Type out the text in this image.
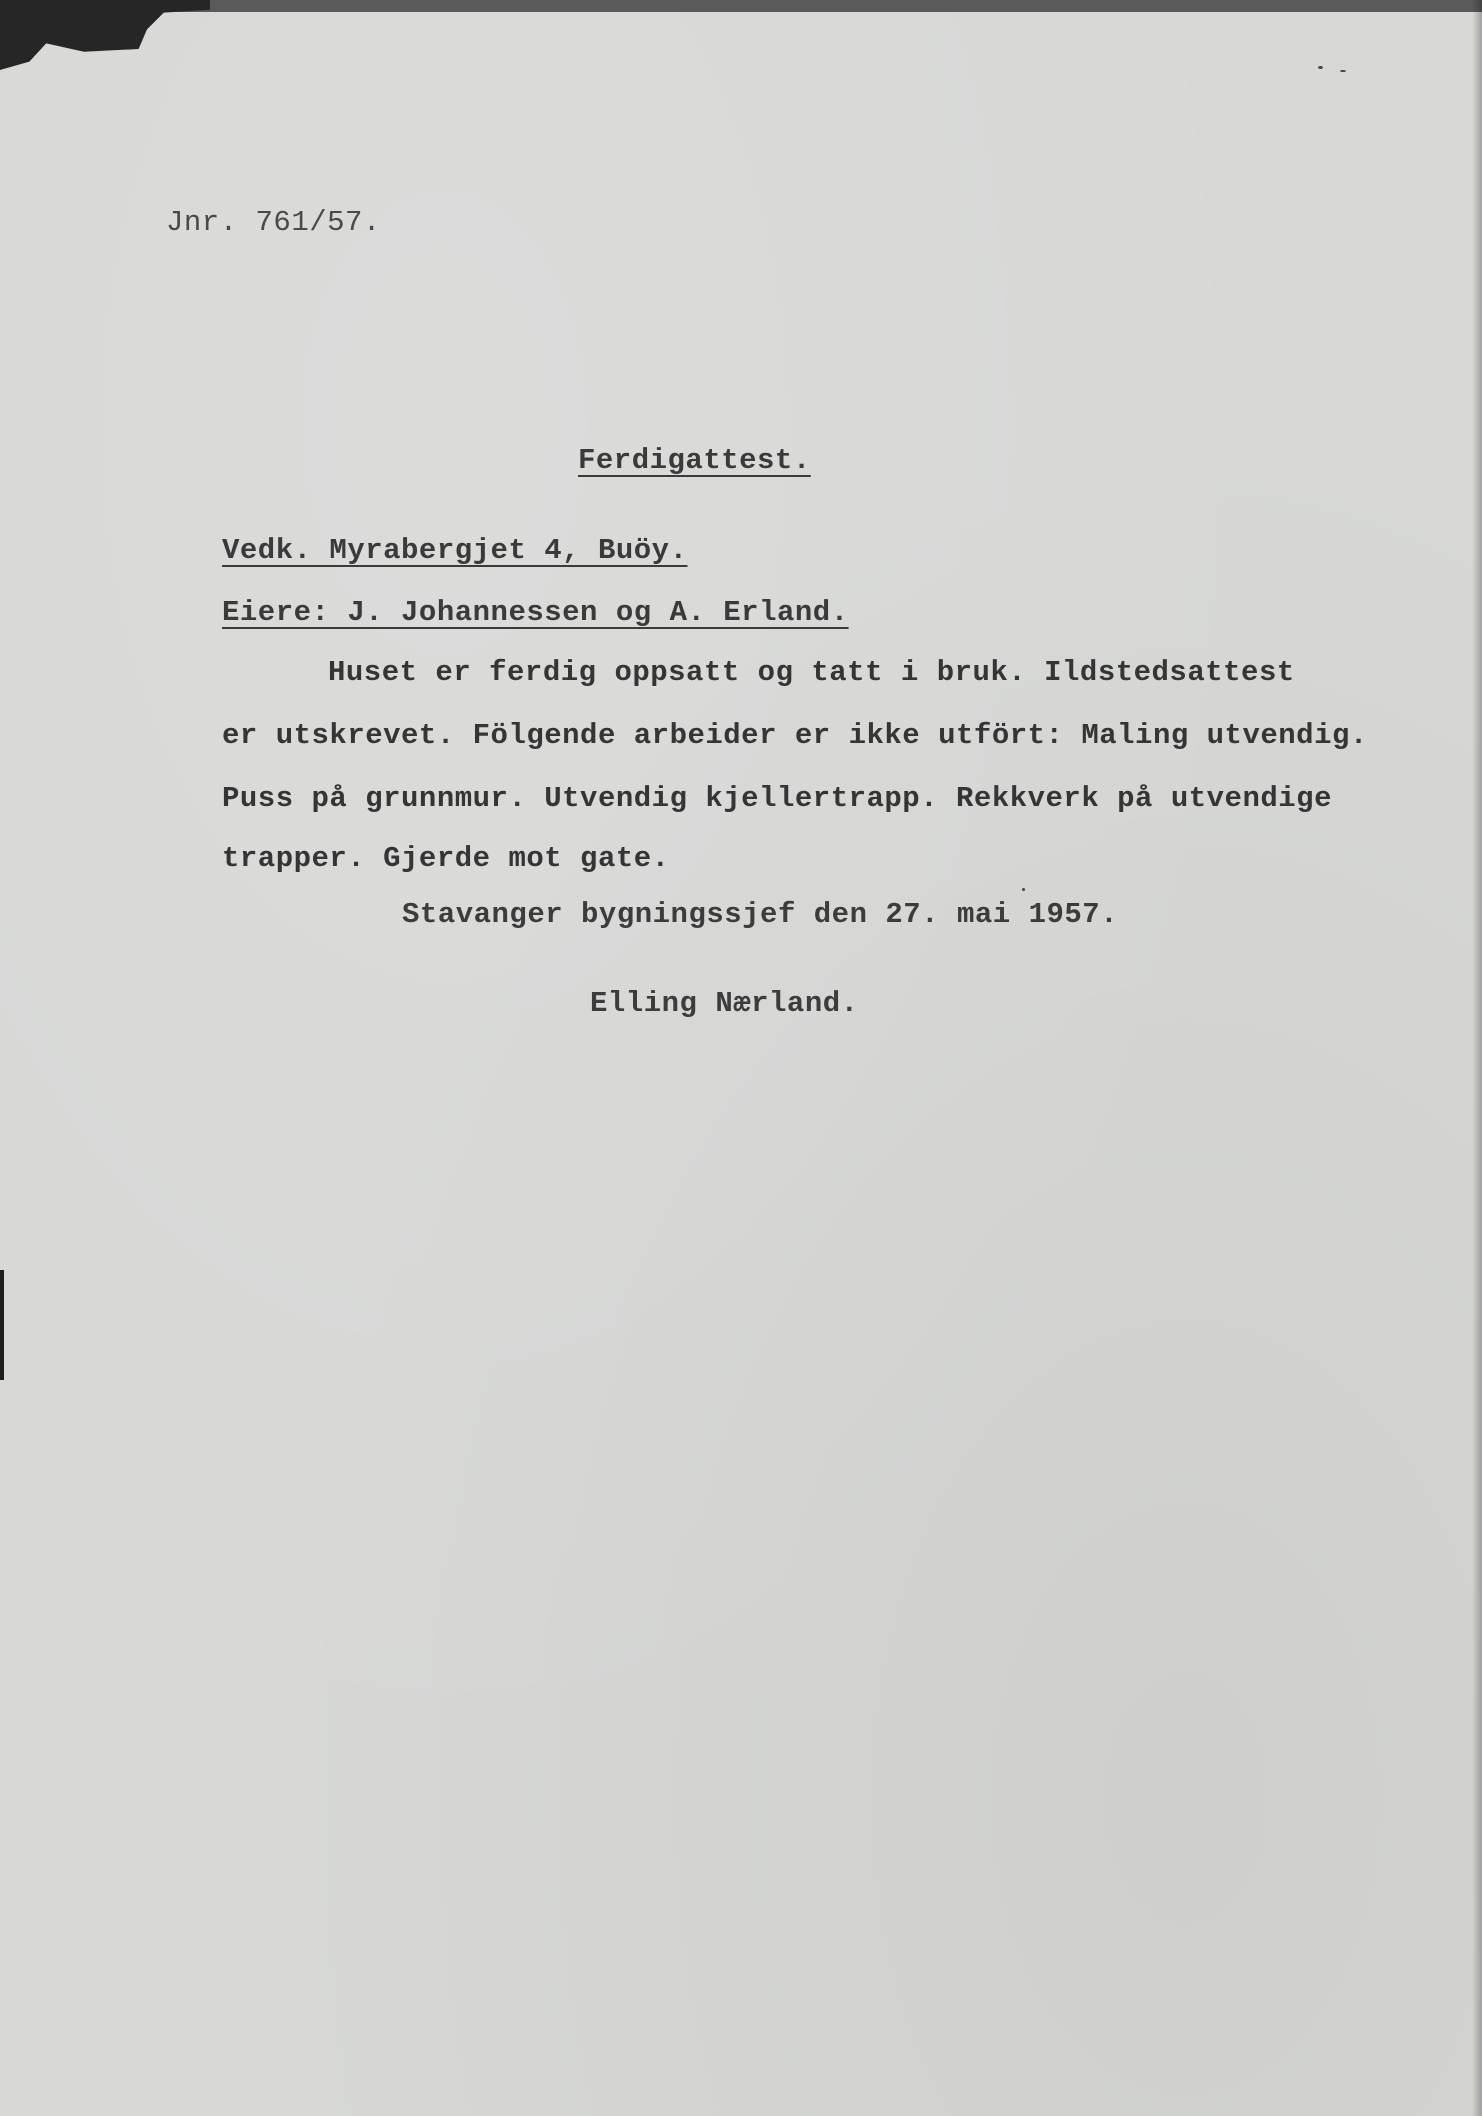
Jnr. 761/57.
Ferdigattest.
Vedk. Myrabergjet 4, Buöy.
Eiere: J. Johannessen og A. Erland.
Huset er ferdig oppsatt og tatt i bruk. Ildstedsattest
er utskrevet. Fölgende arbeider er ikke utfört: Maling utvendig.
Puss på grunnmur. Utvendig kjellertrapp. Rekkverk på utvendige
trapper. Gjerde mot gate.
Stavanger bygningssjef den 27. mai 1957.
Elling Nærland.
